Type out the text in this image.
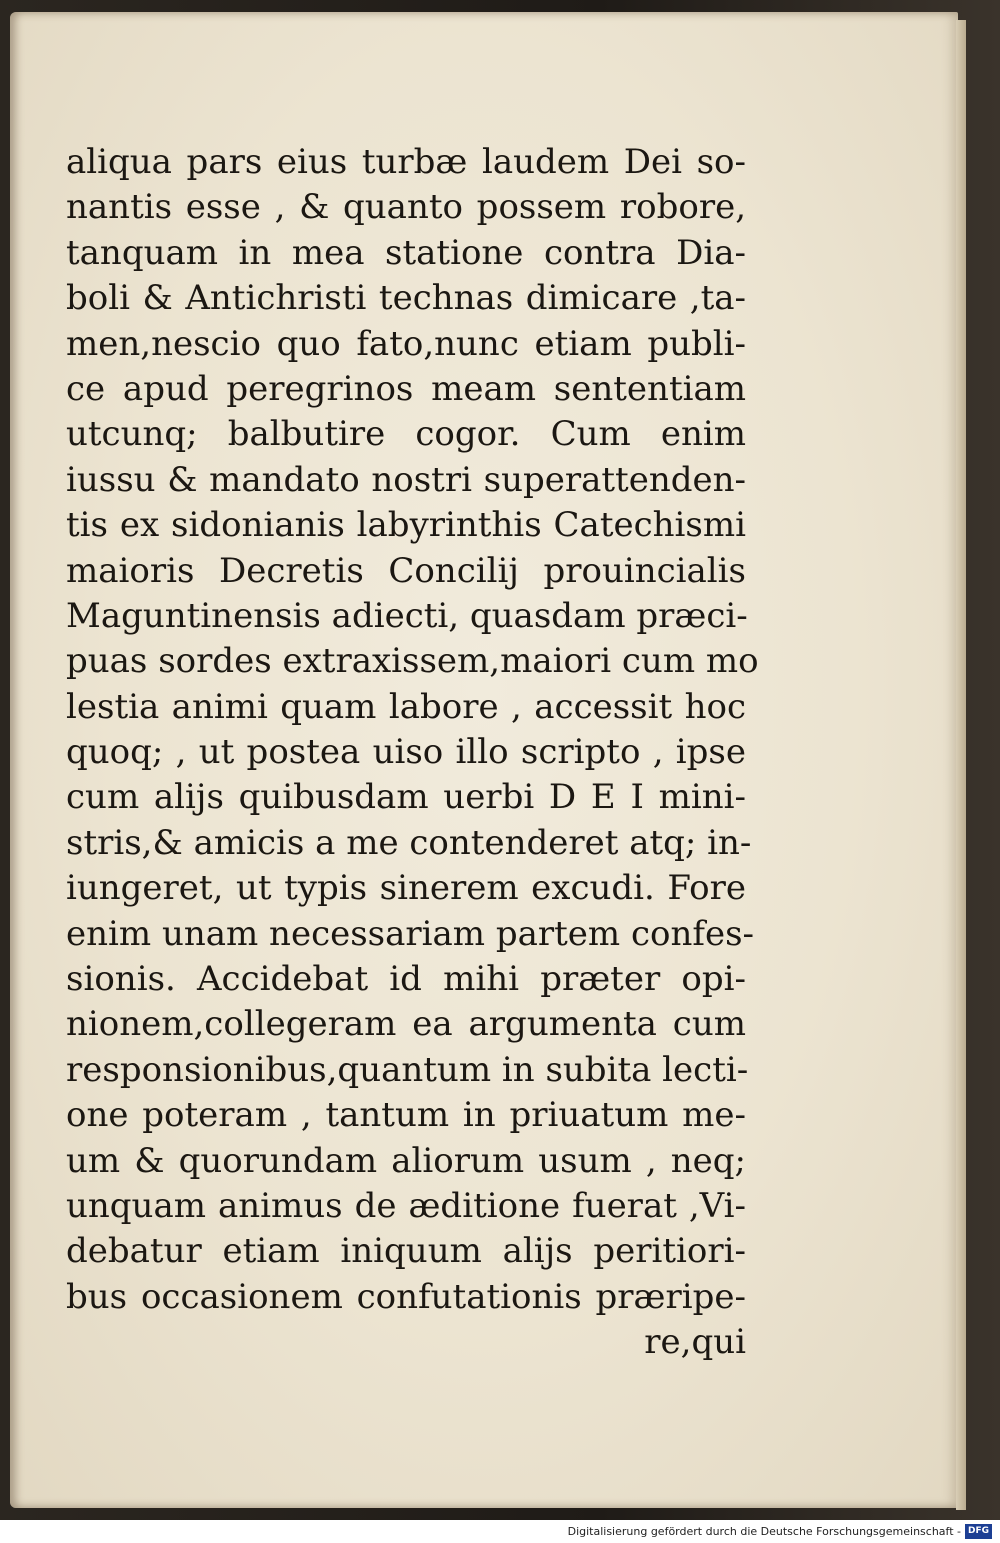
aliqua pars eius turbæ laudem Dei so-
nantis esse , & quanto possem robore,
tanquam in mea statione contra Dia-
boli & Antichristi technas dimicare ,ta-
men,nescio quo fato,nunc etiam publi-
ce apud peregrinos meam sententiam
utcunq; balbutire cogor. Cum enim
iussu & mandato nostri superattenden-
tis ex sidonianis labyrinthis Catechismi
maioris Decretis Concilij prouincialis
Maguntinensis adiecti, quasdam præci-
puas sordes extraxissem,maiori cum mo
lestia animi quam labore , accessit hoc
quoq; , ut postea uiso illo scripto , ipse
cum alijs quibusdam uerbi D E I mini-
stris,& amicis a me contenderet atq; in-
iungeret, ut typis sinerem excudi. Fore
enim unam necessariam partem confes-
sionis. Accidebat id mihi præter opi-
nionem,collegeram ea argumenta cum
responsionibus,quantum in subita lecti-
one poteram , tantum in priuatum me-
um & quorundam aliorum usum , neq;
unquam animus de æditione fuerat ,Vi-
debatur etiam iniquum alijs peritiori-
bus occasionem confutationis præripe-
re,qui
Digitalisierung gefördert durch die Deutsche Forschungsgemeinschaft - DFG
